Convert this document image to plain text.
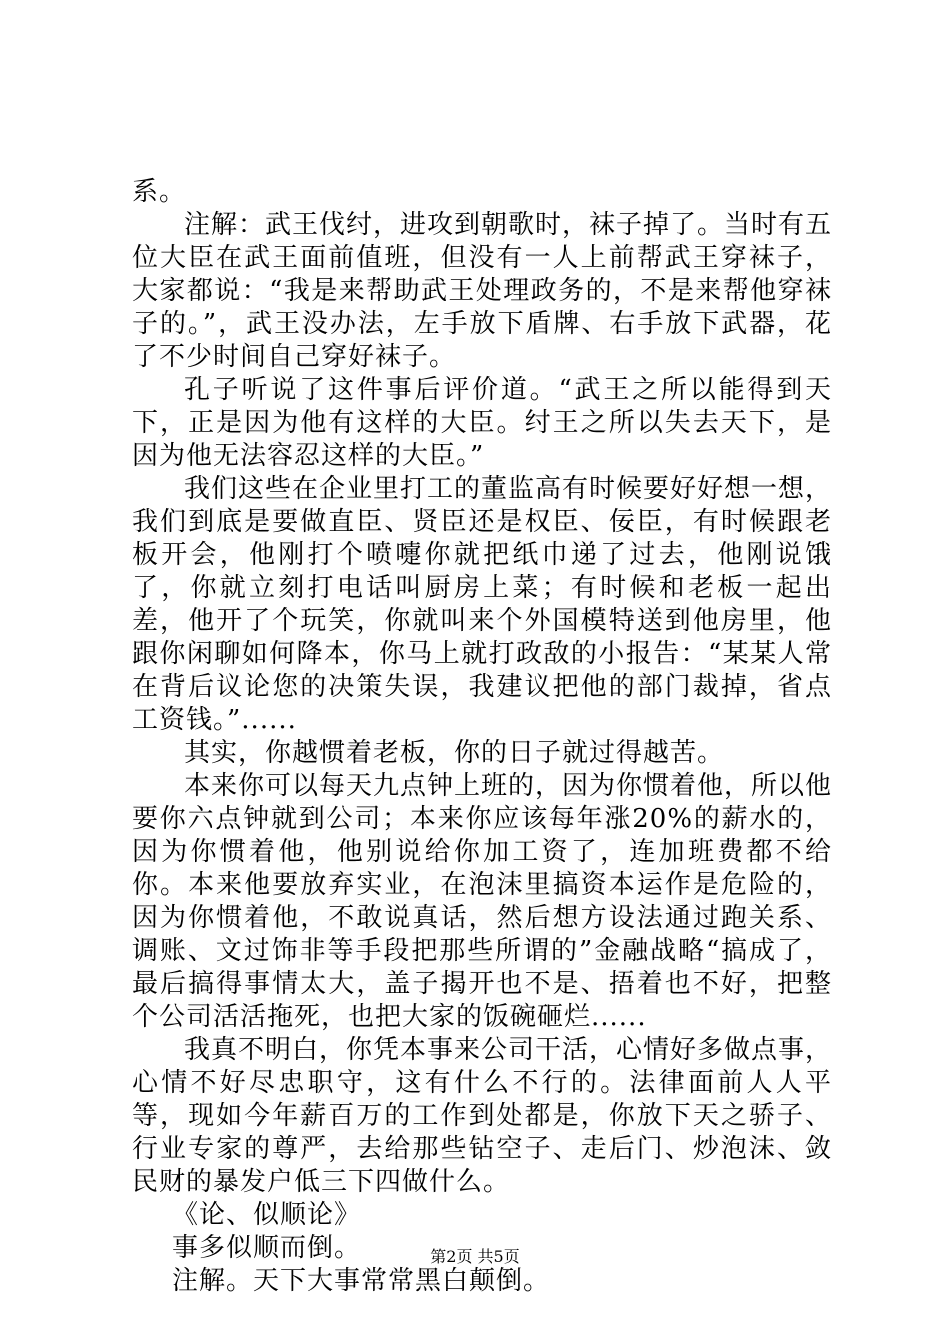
系。

注解：武王伐纣，进攻到朝歌时，袜子掉了。当时有五位大臣在武王面前值班，但没有一人上前帮武王穿袜子，大家都说：“我是来帮助武王处理政务的，不是来帮他穿袜子的。”，武王没办法，左手放下盾牌、右手放下武器，花了不少时间自己穿好袜子。

孔子听说了这件事后评价道。“武王之所以能得到天下，正是因为他有这样的大臣。纣王之所以失去天下，是因为他无法容忍这样的大臣。”

我们这些在企业里打工的董监高有时候要好好想一想，我们到底是要做直臣、贤臣还是权臣、佞臣，有时候跟老板开会，他刚打个喷嚏你就把纸巾递了过去，他刚说饿了，你就立刻打电话叫厨房上菜；有时候和老板一起出差，他开了个玩笑，你就叫来个外国模特送到他房里，他跟你闲聊如何降本，你马上就打政敌的小报告：“某某人常在背后议论您的决策失误，我建议把他的部门裁掉，省点工资钱。”......

其实，你越惯着老板，你的日子就过得越苦。

本来你可以每天九点钟上班的，因为你惯着他，所以他要你六点钟就到公司；本来你应该每年涨20%的薪水的，因为你惯着他，他别说给你加工资了，连加班费都不给你。本来他要放弃实业，在泡沫里搞资本运作是危险的，因为你惯着他，不敢说真话，然后想方设法通过跑关系、调账、文过饰非等手段把那些所谓的”金融战略“搞成了，最后搞得事情太大，盖子揭开也不是、捂着也不好，把整个公司活活拖死，也把大家的饭碗砸烂......

我真不明白，你凭本事来公司干活，心情好多做点事，心情不好尽忠职守，这有什么不行的。法律面前人人平等，现如今年薪百万的工作到处都是，你放下天之骄子、行业专家的尊严，去给那些钻空子、走后门、炒泡沫、敛民财的暴发户低三下四做什么。

《论、似顺论》

事多似顺而倒。

注解。天下大事常常黑白颠倒。

第2页 共5页
